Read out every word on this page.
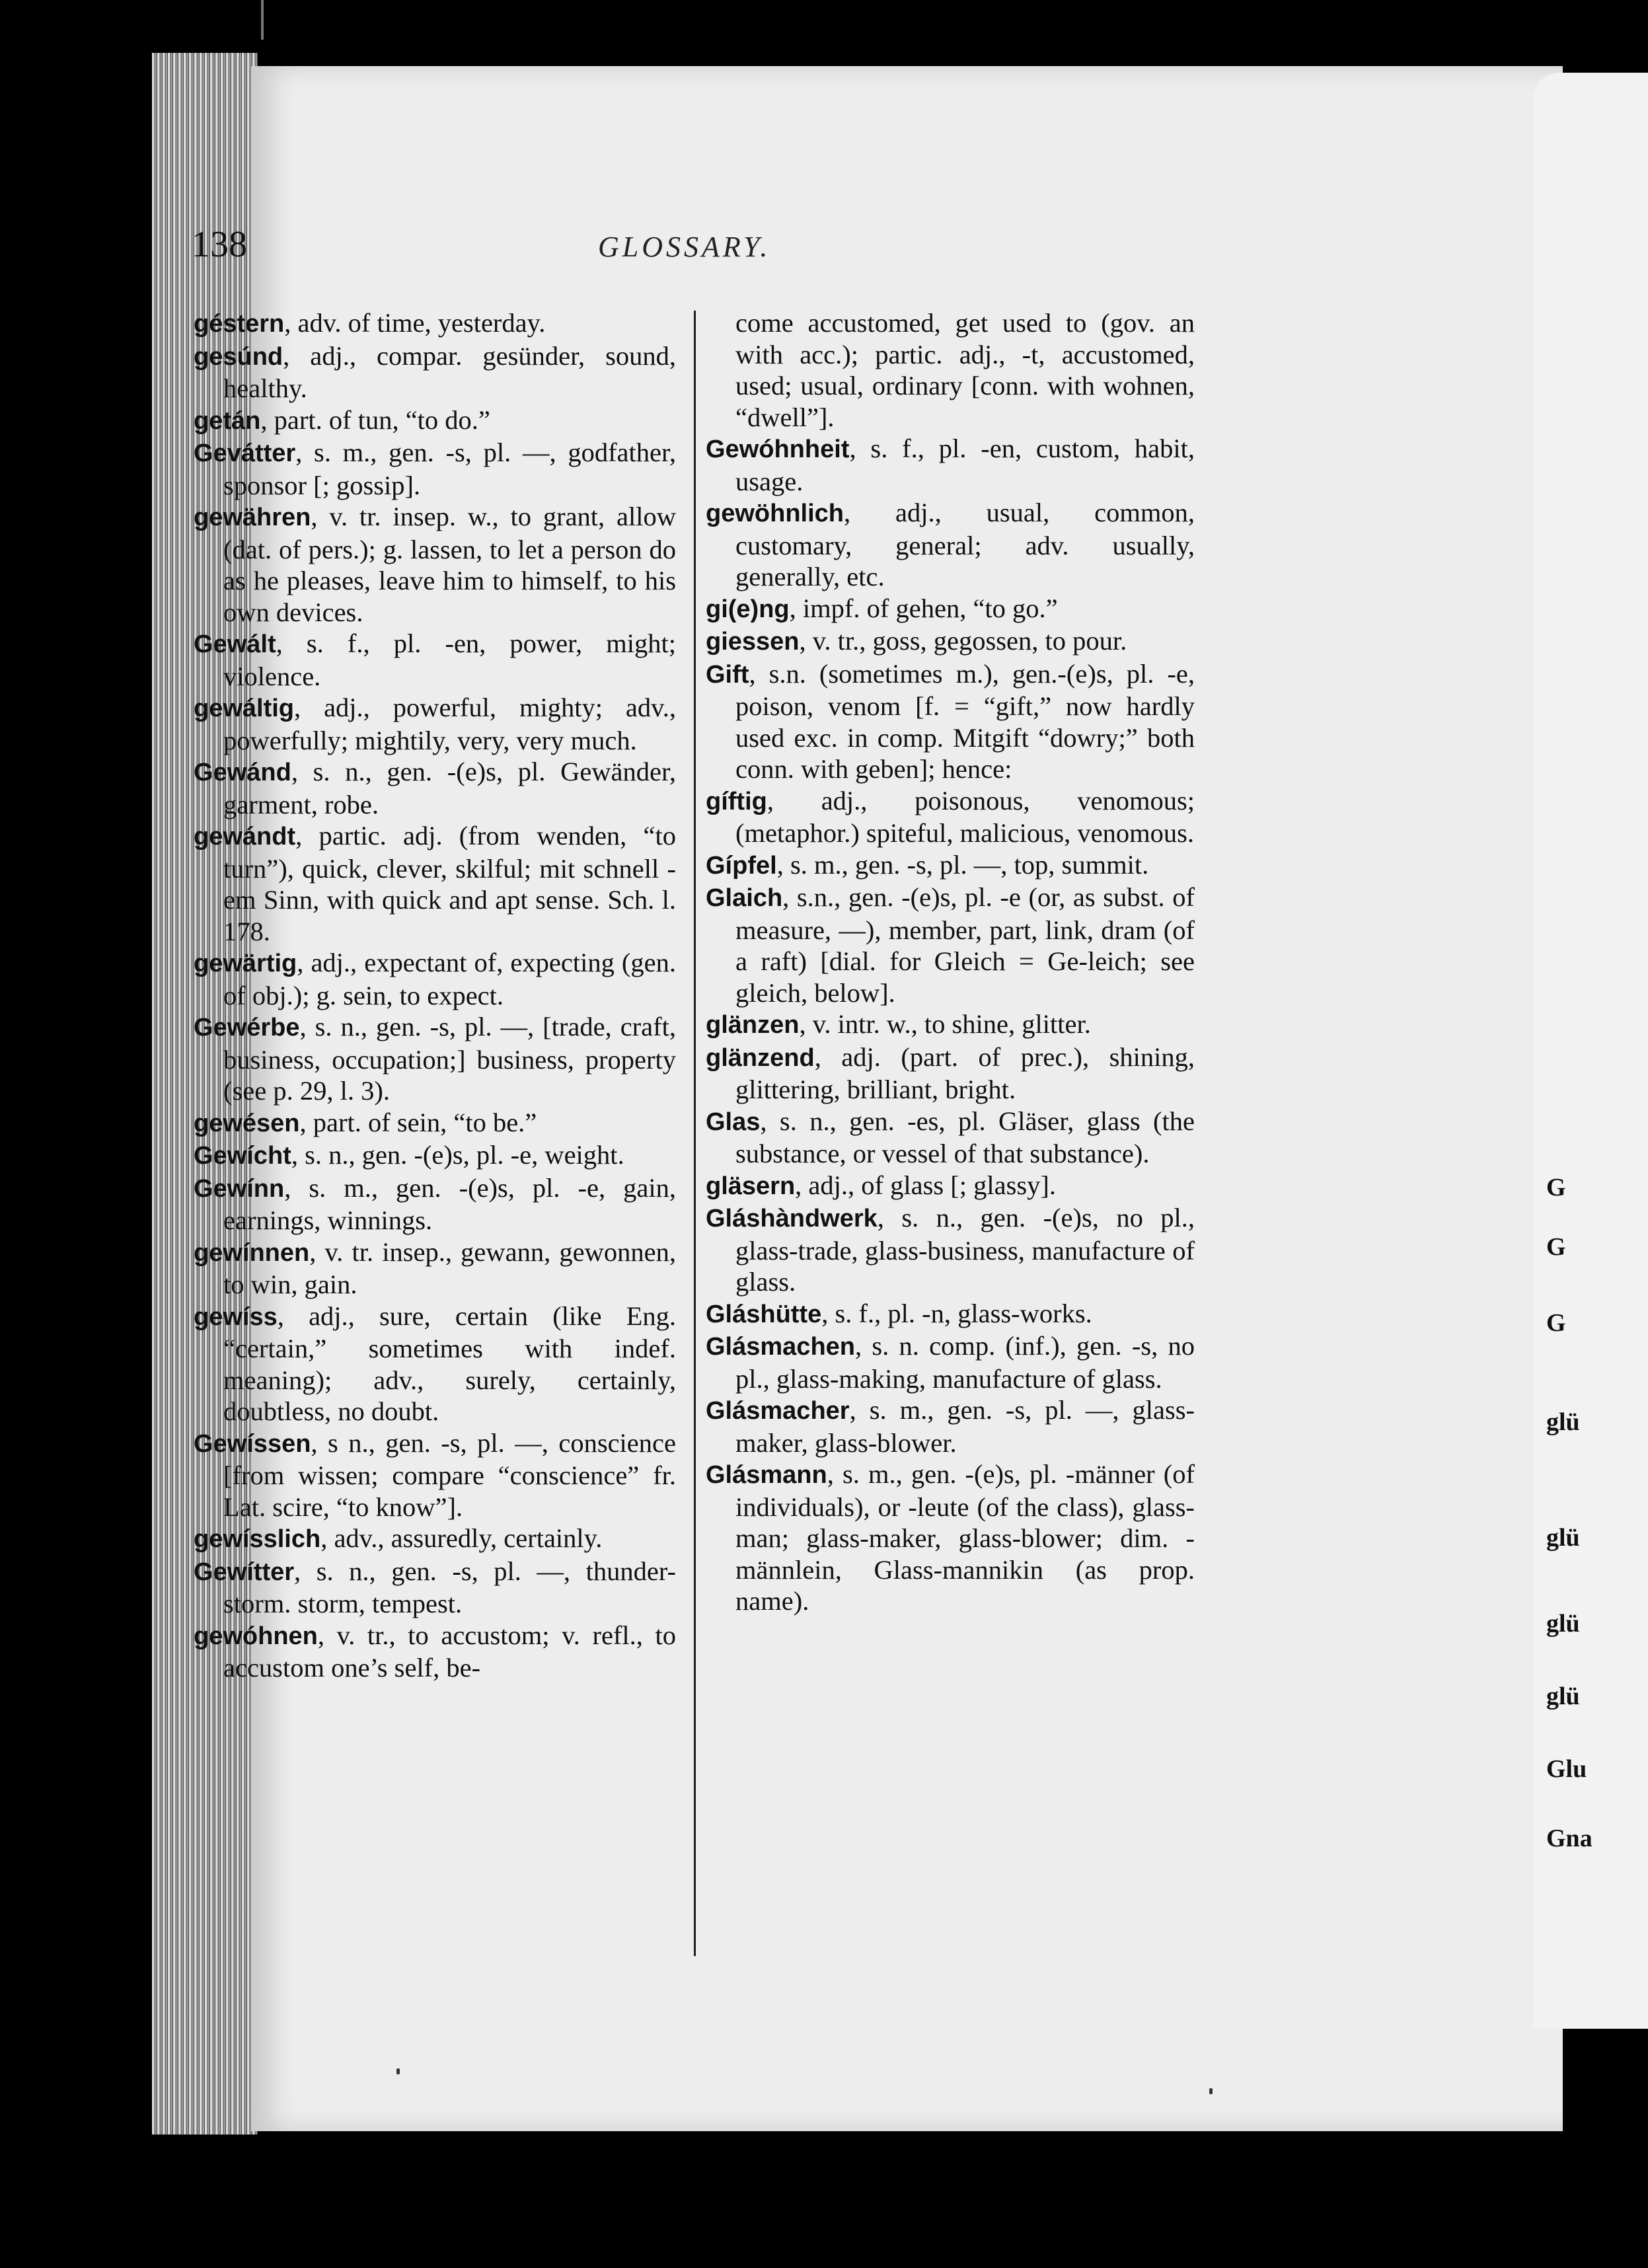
G
G
G
glü
glü
glü
glü
Glu
Gna
138	GLOSSARY.

géstern, adv. of time, yesterday.

gesúnd, adj., compar. gesünder, sound, healthy.

getán, part. of tun, “to do.”

Gevátter, s. m., gen. -s, pl. —, godfather, sponsor [; gossip].

gewähren, v. tr. insep. w., to grant, allow (dat. of pers.); g. lassen, to let a person do as he pleases, leave him to himself, to his own devices.

Gewált, s. f., pl. -en, power, might; violence.

gewáltig, adj., powerful, mighty; adv., powerfully; mightily, very, very much.

Gewánd, s. n., gen. -(e)s, pl. Gewänder, garment, robe.

gewándt, partic. adj. (from wenden, “to turn”), quick, clever, skilful; mit schnell -em Sinn, with quick and apt sense. Sch. l. 178.

gewärtig, adj., expectant of, expecting (gen. of obj.); g. sein, to expect.

Gewérbe, s. n., gen. -s, pl. —, [trade, craft, business, occupation;] business, property (see p. 29, l. 3).

gewésen, part. of sein, “to be.”

Gewícht, s. n., gen. -(e)s, pl. -e, weight.

Gewínn, s. m., gen. -(e)s, pl. -e, gain, earnings, winnings.

gewínnen, v. tr. insep., gewann, gewonnen, to win, gain.

gewíss, adj., sure, certain (like Eng. “certain,” sometimes with indef. meaning); adv., surely, certainly, doubtless, no doubt.

Gewíssen, s n., gen. -s, pl. —, conscience [from wissen; compare “conscience” fr. Lat. scire, “to know”].

gewísslich, adv., assuredly, certainly.

Gewítter, s. n., gen. -s, pl. —, thunder-storm. storm, tempest.

gewóhnen, v. tr., to accustom; v. refl., to accustom one’s self, be-

come accustomed, get used to (gov. an with acc.); partic. adj., -t, accustomed, used; usual, ordinary [conn. with wohnen, “dwell”].

Gewóhnheit, s. f., pl. -en, custom, habit, usage.

gewöhnlich, adj., usual, common, customary, general; adv. usually, generally, etc.

gi(e)ng, impf. of gehen, “to go.”

giessen, v. tr., goss, gegossen, to pour.

Gift, s.n. (sometimes m.), gen.-(e)s, pl. -e, poison, venom [f. = “gift,” now hardly used exc. in comp. Mitgift “dowry;” both conn. with geben]; hence:

gíftig, adj., poisonous, venomous; (metaphor.) spiteful, malicious, venomous.

Gípfel, s. m., gen. -s, pl. —, top, summit.

Glaich, s.n., gen. -(e)s, pl. -e (or, as subst. of measure, —), member, part, link, dram (of a raft) [dial. for Gleich = Ge-leich; see gleich, below].

glänzen, v. intr. w., to shine, glitter.

glänzend, adj. (part. of prec.), shining, glittering, brilliant, bright.

Glas, s. n., gen. -es, pl. Gläser, glass (the substance, or vessel of that substance).

gläsern, adj., of glass [; glassy].

Gláshàndwerk, s. n., gen. -(e)s, no pl., glass-trade, glass-business, manufacture of glass.

Gláshütte, s. f., pl. -n, glass-works.

Glásmachen, s. n. comp. (inf.), gen. -s, no pl., glass-making, manufacture of glass.

Glásmacher, s. m., gen. -s, pl. —, glass-maker, glass-blower.

Glásmann, s. m., gen. -(e)s, pl. -männer (of individuals), or -leute (of the class), glass-man; glass-maker, glass-blower; dim. -männlein, Glass-mannikin (as prop. name).
